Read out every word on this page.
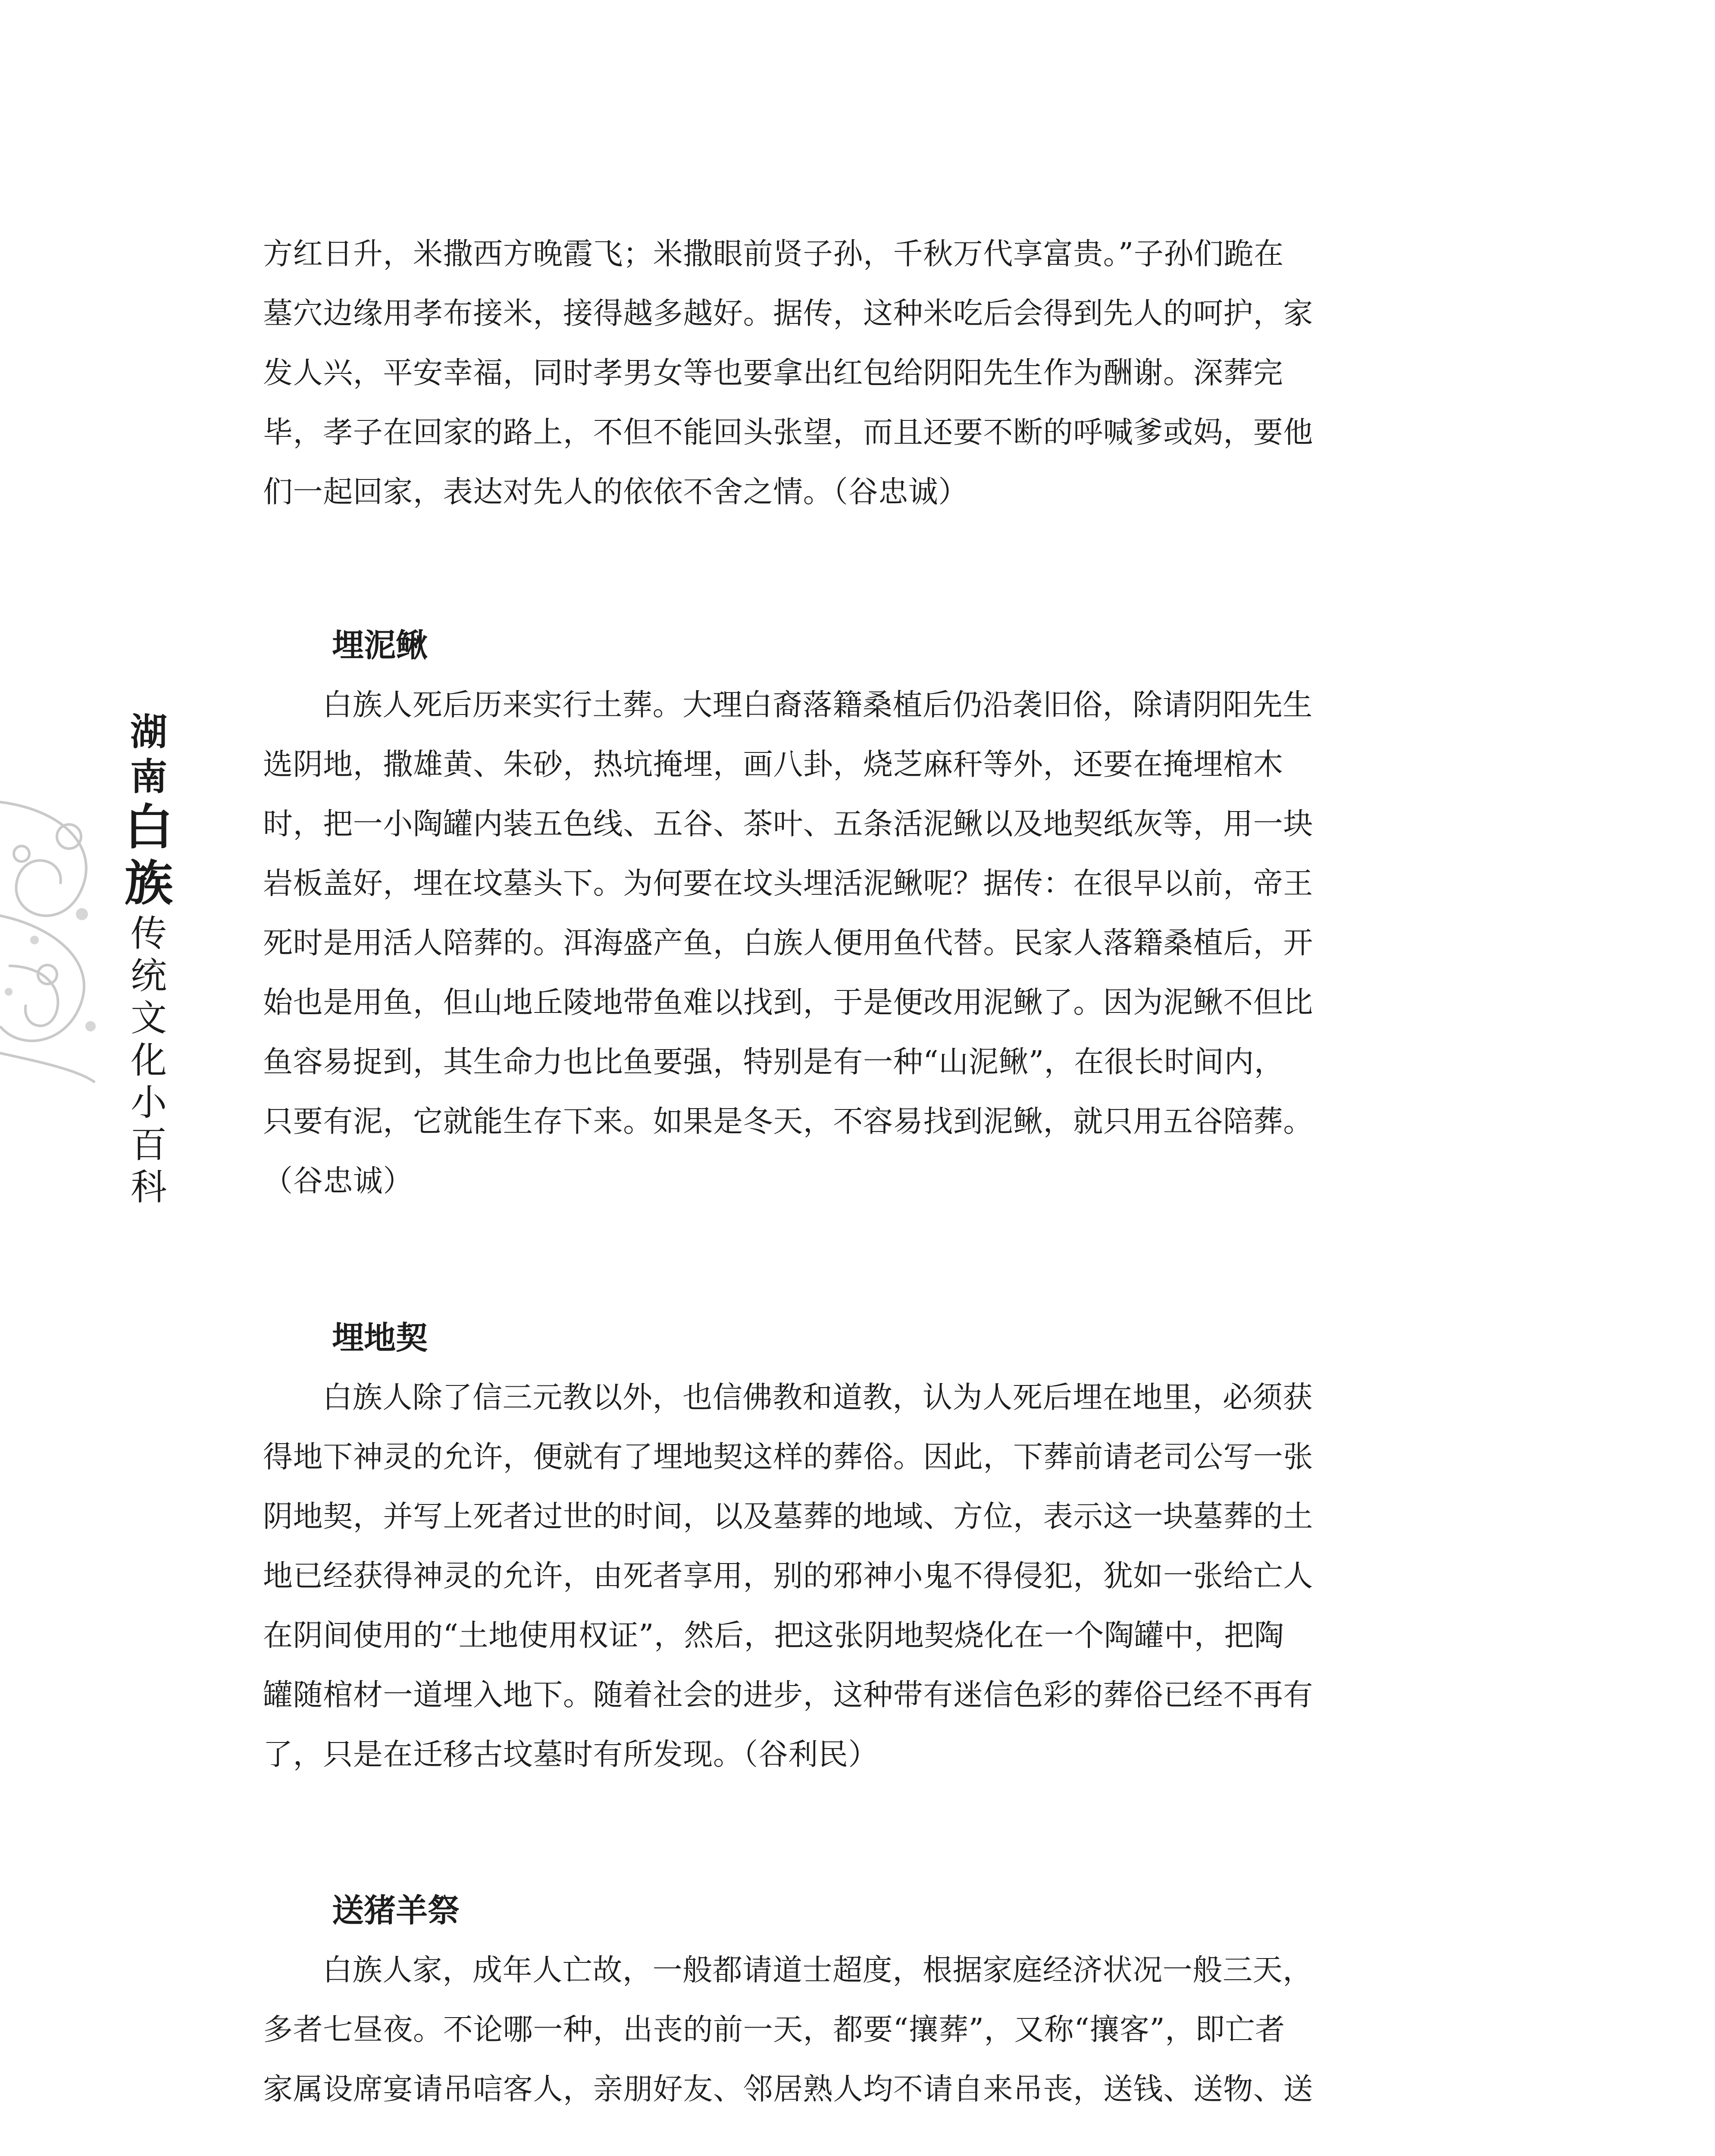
湖
南
白
族
传
统
文
化
小
百
科
方红日升，米撒西方晚霞飞；米撒眼前贤子孙，千秋万代享富贵。”子孙们跪在
墓穴边缘用孝布接米，接得越多越好。据传，这种米吃后会得到先人的呵护，家
发人兴，平安幸福，同时孝男女等也要拿出红包给阴阳先生作为酬谢。深葬完
毕，孝子在回家的路上，不但不能回头张望，而且还要不断的呼喊爹或妈，要他
们一起回家，表达对先人的依依不舍之情。（谷忠诚）
埋泥鳅
白族人死后历来实行土葬。大理白裔落籍桑植后仍沿袭旧俗，除请阴阳先生
选阴地，撒雄黄、朱砂，热坑掩埋，画八卦，烧芝麻秆等外，还要在掩埋棺木
时，把一小陶罐内装五色线、五谷、茶叶、五条活泥鳅以及地契纸灰等，用一块
岩板盖好，埋在坟墓头下。为何要在坟头埋活泥鳅呢？据传：在很早以前，帝王
死时是用活人陪葬的。洱海盛产鱼，白族人便用鱼代替。民家人落籍桑植后，开
始也是用鱼，但山地丘陵地带鱼难以找到，于是便改用泥鳅了。因为泥鳅不但比
鱼容易捉到，其生命力也比鱼要强，特别是有一种“山泥鳅”，在很长时间内，
只要有泥，它就能生存下来。如果是冬天，不容易找到泥鳅，就只用五谷陪葬。
（谷忠诚）
埋地契
白族人除了信三元教以外，也信佛教和道教，认为人死后埋在地里，必须获
得地下神灵的允许，便就有了埋地契这样的葬俗。因此，下葬前请老司公写一张
阴地契，并写上死者过世的时间，以及墓葬的地域、方位，表示这一块墓葬的土
地已经获得神灵的允许，由死者享用，别的邪神小鬼不得侵犯，犹如一张给亡人
在阴间使用的“土地使用权证”，然后，把这张阴地契烧化在一个陶罐中，把陶
罐随棺材一道埋入地下。随着社会的进步，这种带有迷信色彩的葬俗已经不再有
了，只是在迁移古坟墓时有所发现。（谷利民）
送猪羊祭
白族人家，成年人亡故，一般都请道士超度，根据家庭经济状况一般三天，
多者七昼夜。不论哪一种，出丧的前一天，都要“攘葬”，又称“攘客”，即亡者
家属设席宴请吊唁客人，亲朋好友、邻居熟人均不请自来吊丧，送钱、送物、送
